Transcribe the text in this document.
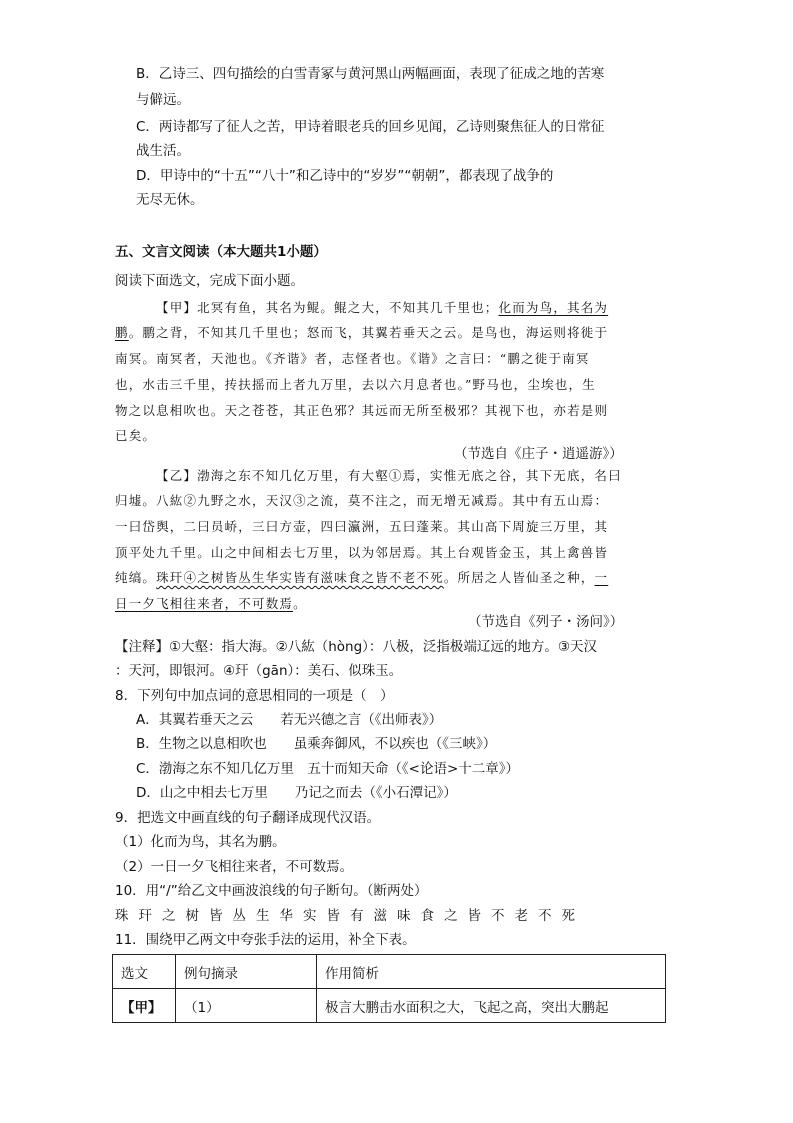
B．乙诗三、四句描绘的白雪青冢与黄河黑山两幅画面，表现了征成之地的苦寒
与僻远。
C．两诗都写了征人之苦，甲诗着眼老兵的回乡见闻，乙诗则聚焦征人的日常征
战生活。
D．甲诗中的“十五”“八十”和乙诗中的“岁岁”“朝朝”，都表现了战争的
无尽无休。
五、文言文阅读（本大题共1小题）
阅读下面选文，完成下面小题。
【甲】北冥有鱼，其名为鲲。鲲之大，不知其几千里也；化而为鸟，其名为
鹏。鹏之背，不知其几千里也；怒而飞，其翼若垂天之云。是鸟也，海运则将徙于
南冥。南冥者，天池也。《齐谐》者，志怪者也。《谐》之言曰：“鹏之徙于南冥
也，水击三千里，抟扶摇而上者九万里，去以六月息者也。”野马也，尘埃也，生
物之以息相吹也。天之苍苍，其正色邪？其远而无所至极邪？其视下也，亦若是则
已矣。
（节选自《庄子・逍遥游》）
【乙】渤海之东不知几亿万里，有大壑①焉，实惟无底之谷，其下无底，名曰
归墟。八紘②九野之水，天汉③之流，莫不注之，而无增无减焉。其中有五山焉：
一曰岱舆，二曰员峤，三曰方壶，四曰瀛洲，五曰蓬莱。其山高下周旋三万里，其
顶平处九千里。山之中间相去七万里，以为邻居焉。其上台观皆金玉，其上禽兽皆
纯缟。珠玕④之树皆丛生华实皆有滋味食之皆不老不死。所居之人皆仙圣之种，一
日一夕飞相往来者，不可数焉。
（节选自《列子・汤问》）
【注释】①大壑：指大海。②八紘（hòng）：八极，泛指极端辽远的地方。③天汉
：天河，即银河。④玕（gān）：美石、似珠玉。
8．下列句中加点词的意思相同的一项是（　）
A．其翼若垂天之云　　若无兴德之言（《出师表》）
B．生物之以息相吹也　　虽乘奔御风，不以疾也（《三峡》）
C．渤海之东不知几亿万里　五十而知天命（《<论语>十二章》）
D．山之中相去七万里　　乃记之而去（《小石潭记》）
9．把选文中画直线的句子翻译成现代汉语。
（1）化而为鸟，其名为鹏。
（2）一日一夕飞相往来者，不可数焉。
10．用“/”给乙文中画波浪线的句子断句。（断两处）
珠玕之树皆丛生华实皆有滋味食之皆不老不死
11．围绕甲乙两文中夸张手法的运用，补全下表。
选文	例句摘录	作用简析
【甲】	（1）	极言大鹏击水面积之大，飞起之高，突出大鹏起
